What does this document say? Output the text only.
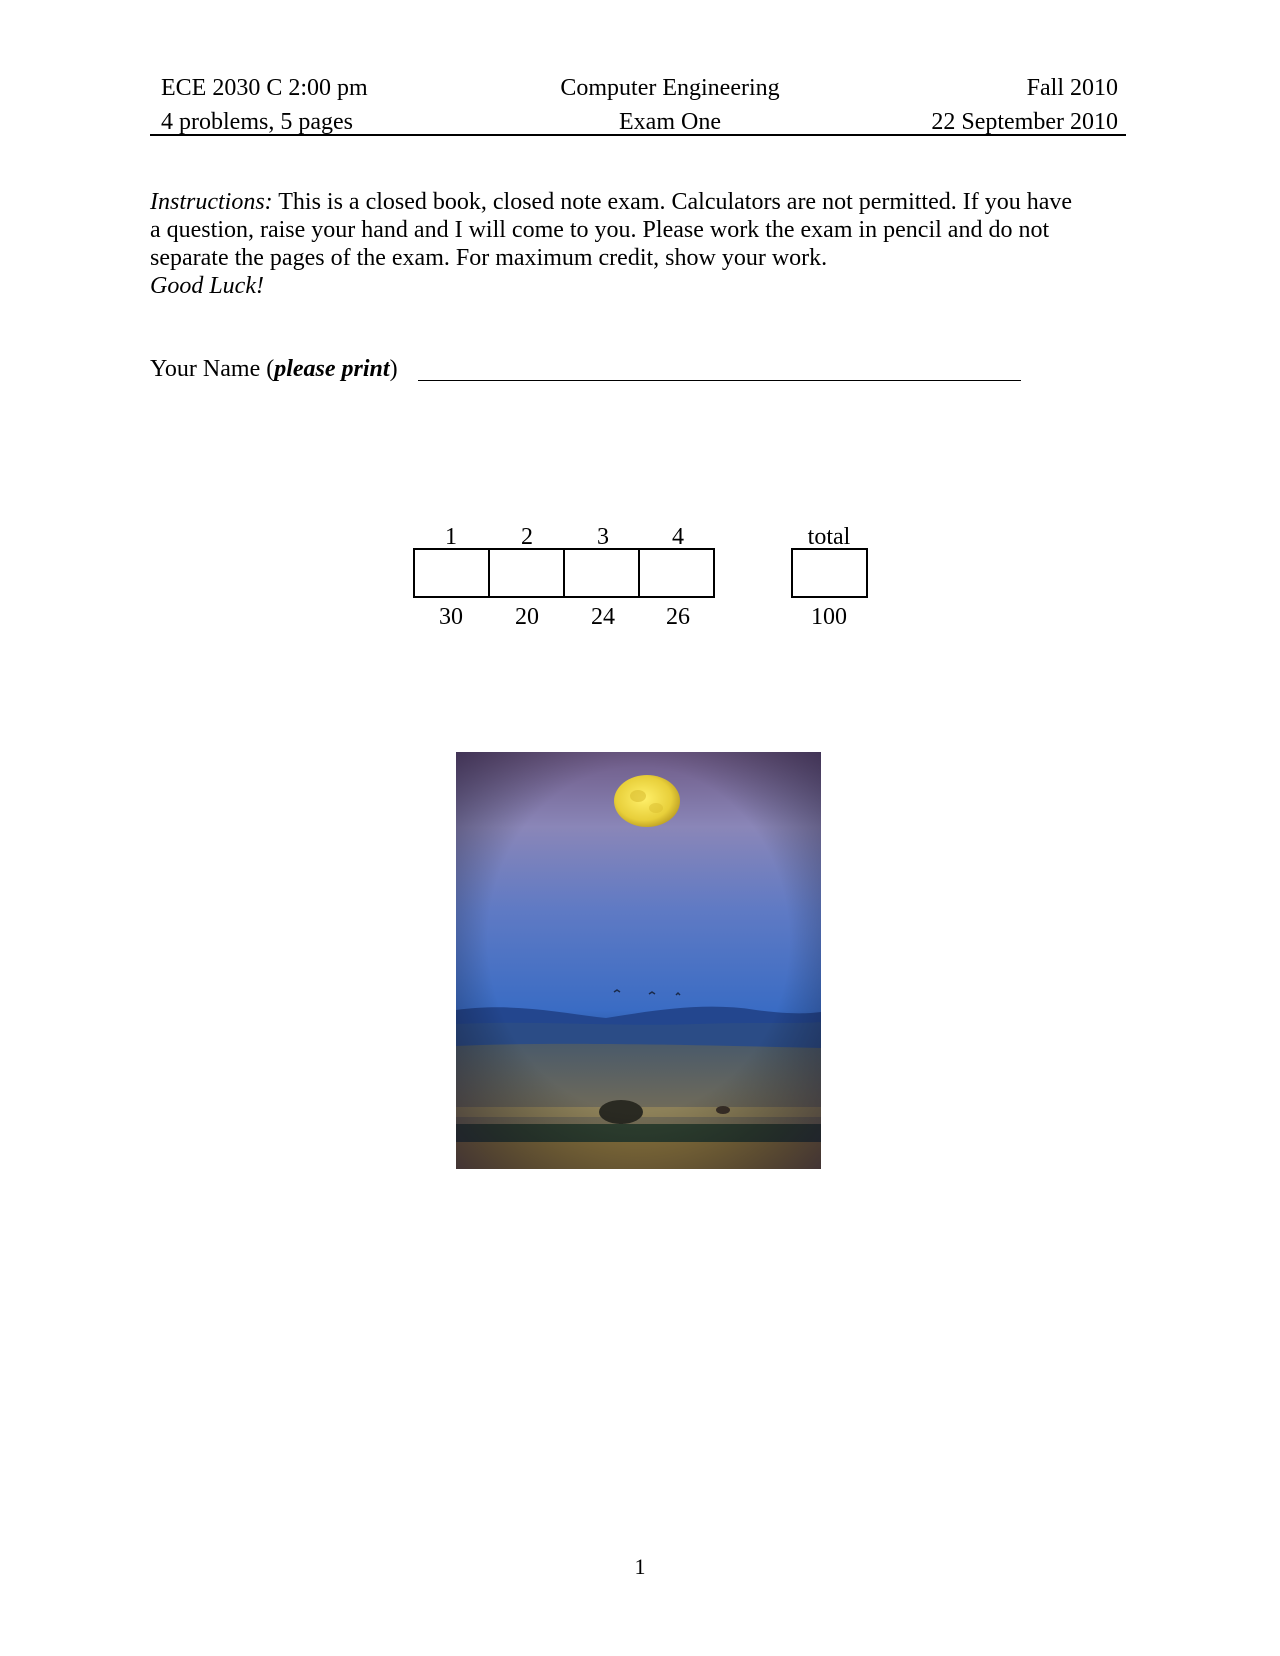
ECE 2030 C 2:00 pm	Computer Engineering	Fall 2010
4 problems, 5 pages	Exam One	22 September 2010
Instructions: This is a closed book, closed note exam. Calculators are not permitted. If you have
a question, raise your hand and I will come to you. Please work the exam in pencil and do not
separate the pages of the exam. For maximum credit, show your work.
Good Luck!
Your Name (please print)
1	2	3	4	total
30	20	24	26	100
1
